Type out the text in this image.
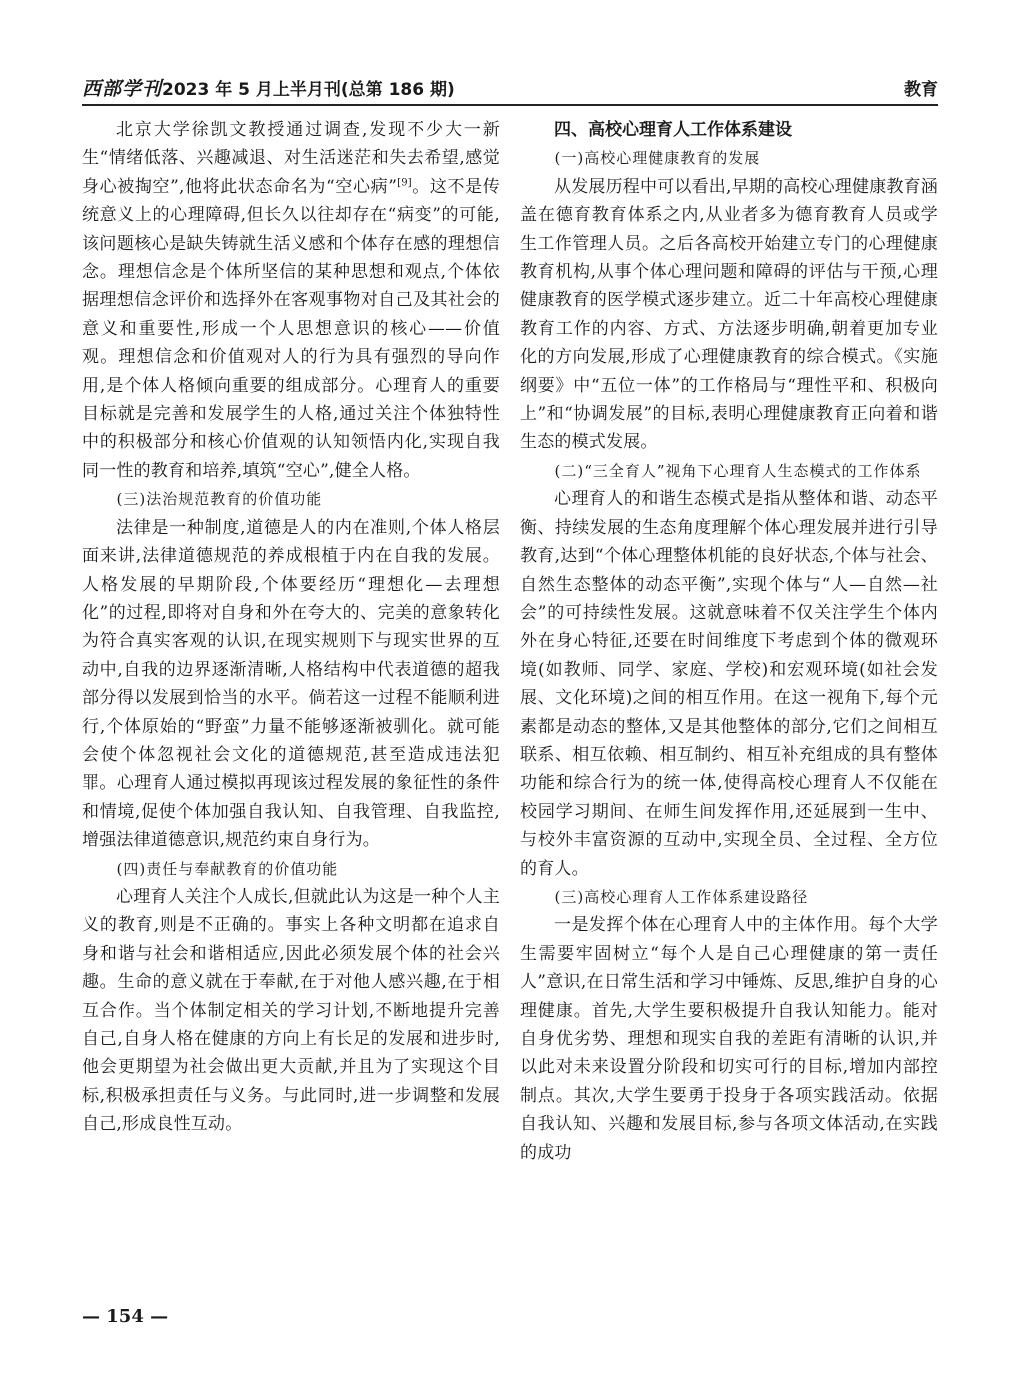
西部学刊 2023 年 5 月上半月刊(总第 186 期)	教育

北京大学徐凯文教授通过调查,发现不少大一新生“情绪低落、兴趣减退、对生活迷茫和失去希望,感觉身心被掏空”,他将此状态命名为“空心病”[9]。这不是传统意义上的心理障碍,但长久以往却存在“病变”的可能,该问题核心是缺失铸就生活义感和个体存在感的理想信念。理想信念是个体所坚信的某种思想和观点,个体依据理想信念评价和选择外在客观事物对自己及其社会的意义和重要性,形成一个人思想意识的核心——价值观。理想信念和价值观对人的行为具有强烈的导向作用,是个体人格倾向重要的组成部分。心理育人的重要目标就是完善和发展学生的人格,通过关注个体独特性中的积极部分和核心价值观的认知领悟内化,实现自我同一性的教育和培养,填筑“空心”,健全人格。

(三)法治规范教育的价值功能

法律是一种制度,道德是人的内在准则,个体人格层面来讲,法律道德规范的养成根植于内在自我的发展。人格发展的早期阶段,个体要经历“理想化—去理想化”的过程,即将对自身和外在夸大的、完美的意象转化为符合真实客观的认识,在现实规则下与现实世界的互动中,自我的边界逐渐清晰,人格结构中代表道德的超我部分得以发展到恰当的水平。倘若这一过程不能顺利进行,个体原始的“野蛮”力量不能够逐渐被驯化。就可能会使个体忽视社会文化的道德规范,甚至造成违法犯罪。心理育人通过模拟再现该过程发展的象征性的条件和情境,促使个体加强自我认知、自我管理、自我监控,增强法律道德意识,规范约束自身行为。

(四)责任与奉献教育的价值功能

心理育人关注个人成长,但就此认为这是一种个人主义的教育,则是不正确的。事实上各种文明都在追求自身和谐与社会和谐相适应,因此必须发展个体的社会兴趣。生命的意义就在于奉献,在于对他人感兴趣,在于相互合作。当个体制定相关的学习计划,不断地提升完善自己,自身人格在健康的方向上有长足的发展和进步时,他会更期望为社会做出更大贡献,并且为了实现这个目标,积极承担责任与义务。与此同时,进一步调整和发展自己,形成良性互动。

四、高校心理育人工作体系建设
(一)高校心理健康教育的发展

从发展历程中可以看出,早期的高校心理健康教育涵盖在德育教育体系之内,从业者多为德育教育人员或学生工作管理人员。之后各高校开始建立专门的心理健康教育机构,从事个体心理问题和障碍的评估与干预,心理健康教育的医学模式逐步建立。近二十年高校心理健康教育工作的内容、方式、方法逐步明确,朝着更加专业化的方向发展,形成了心理健康教育的综合模式。《实施纲要》中“五位一体”的工作格局与“理性平和、积极向上”和“协调发展”的目标,表明心理健康教育正向着和谐生态的模式发展。

(二)“三全育人”视角下心理育人生态模式的工作体系

心理育人的和谐生态模式是指从整体和谐、动态平衡、持续发展的生态角度理解个体心理发展并进行引导教育,达到“个体心理整体机能的良好状态,个体与社会、自然生态整体的动态平衡”,实现个体与“人—自然—社会”的可持续性发展。这就意味着不仅关注学生个体内外在身心特征,还要在时间维度下考虑到个体的微观环境(如教师、同学、家庭、学校)和宏观环境(如社会发展、文化环境)之间的相互作用。在这一视角下,每个元素都是动态的整体,又是其他整体的部分,它们之间相互联系、相互依赖、相互制约、相互补充组成的具有整体功能和综合行为的统一体,使得高校心理育人不仅能在校园学习期间、在师生间发挥作用,还延展到一生中、与校外丰富资源的互动中,实现全员、全过程、全方位的育人。

(三)高校心理育人工作体系建设路径

一是发挥个体在心理育人中的主体作用。每个大学生需要牢固树立“每个人是自己心理健康的第一责任人”意识,在日常生活和学习中锤炼、反思,维护自身的心理健康。首先,大学生要积极提升自我认知能力。能对自身优劣势、理想和现实自我的差距有清晰的认识,并以此对未来设置分阶段和切实可行的目标,增加内部控制点。其次,大学生要勇于投身于各项实践活动。依据自我认知、兴趣和发展目标,参与各项文体活动,在实践的成功

— 154 —
